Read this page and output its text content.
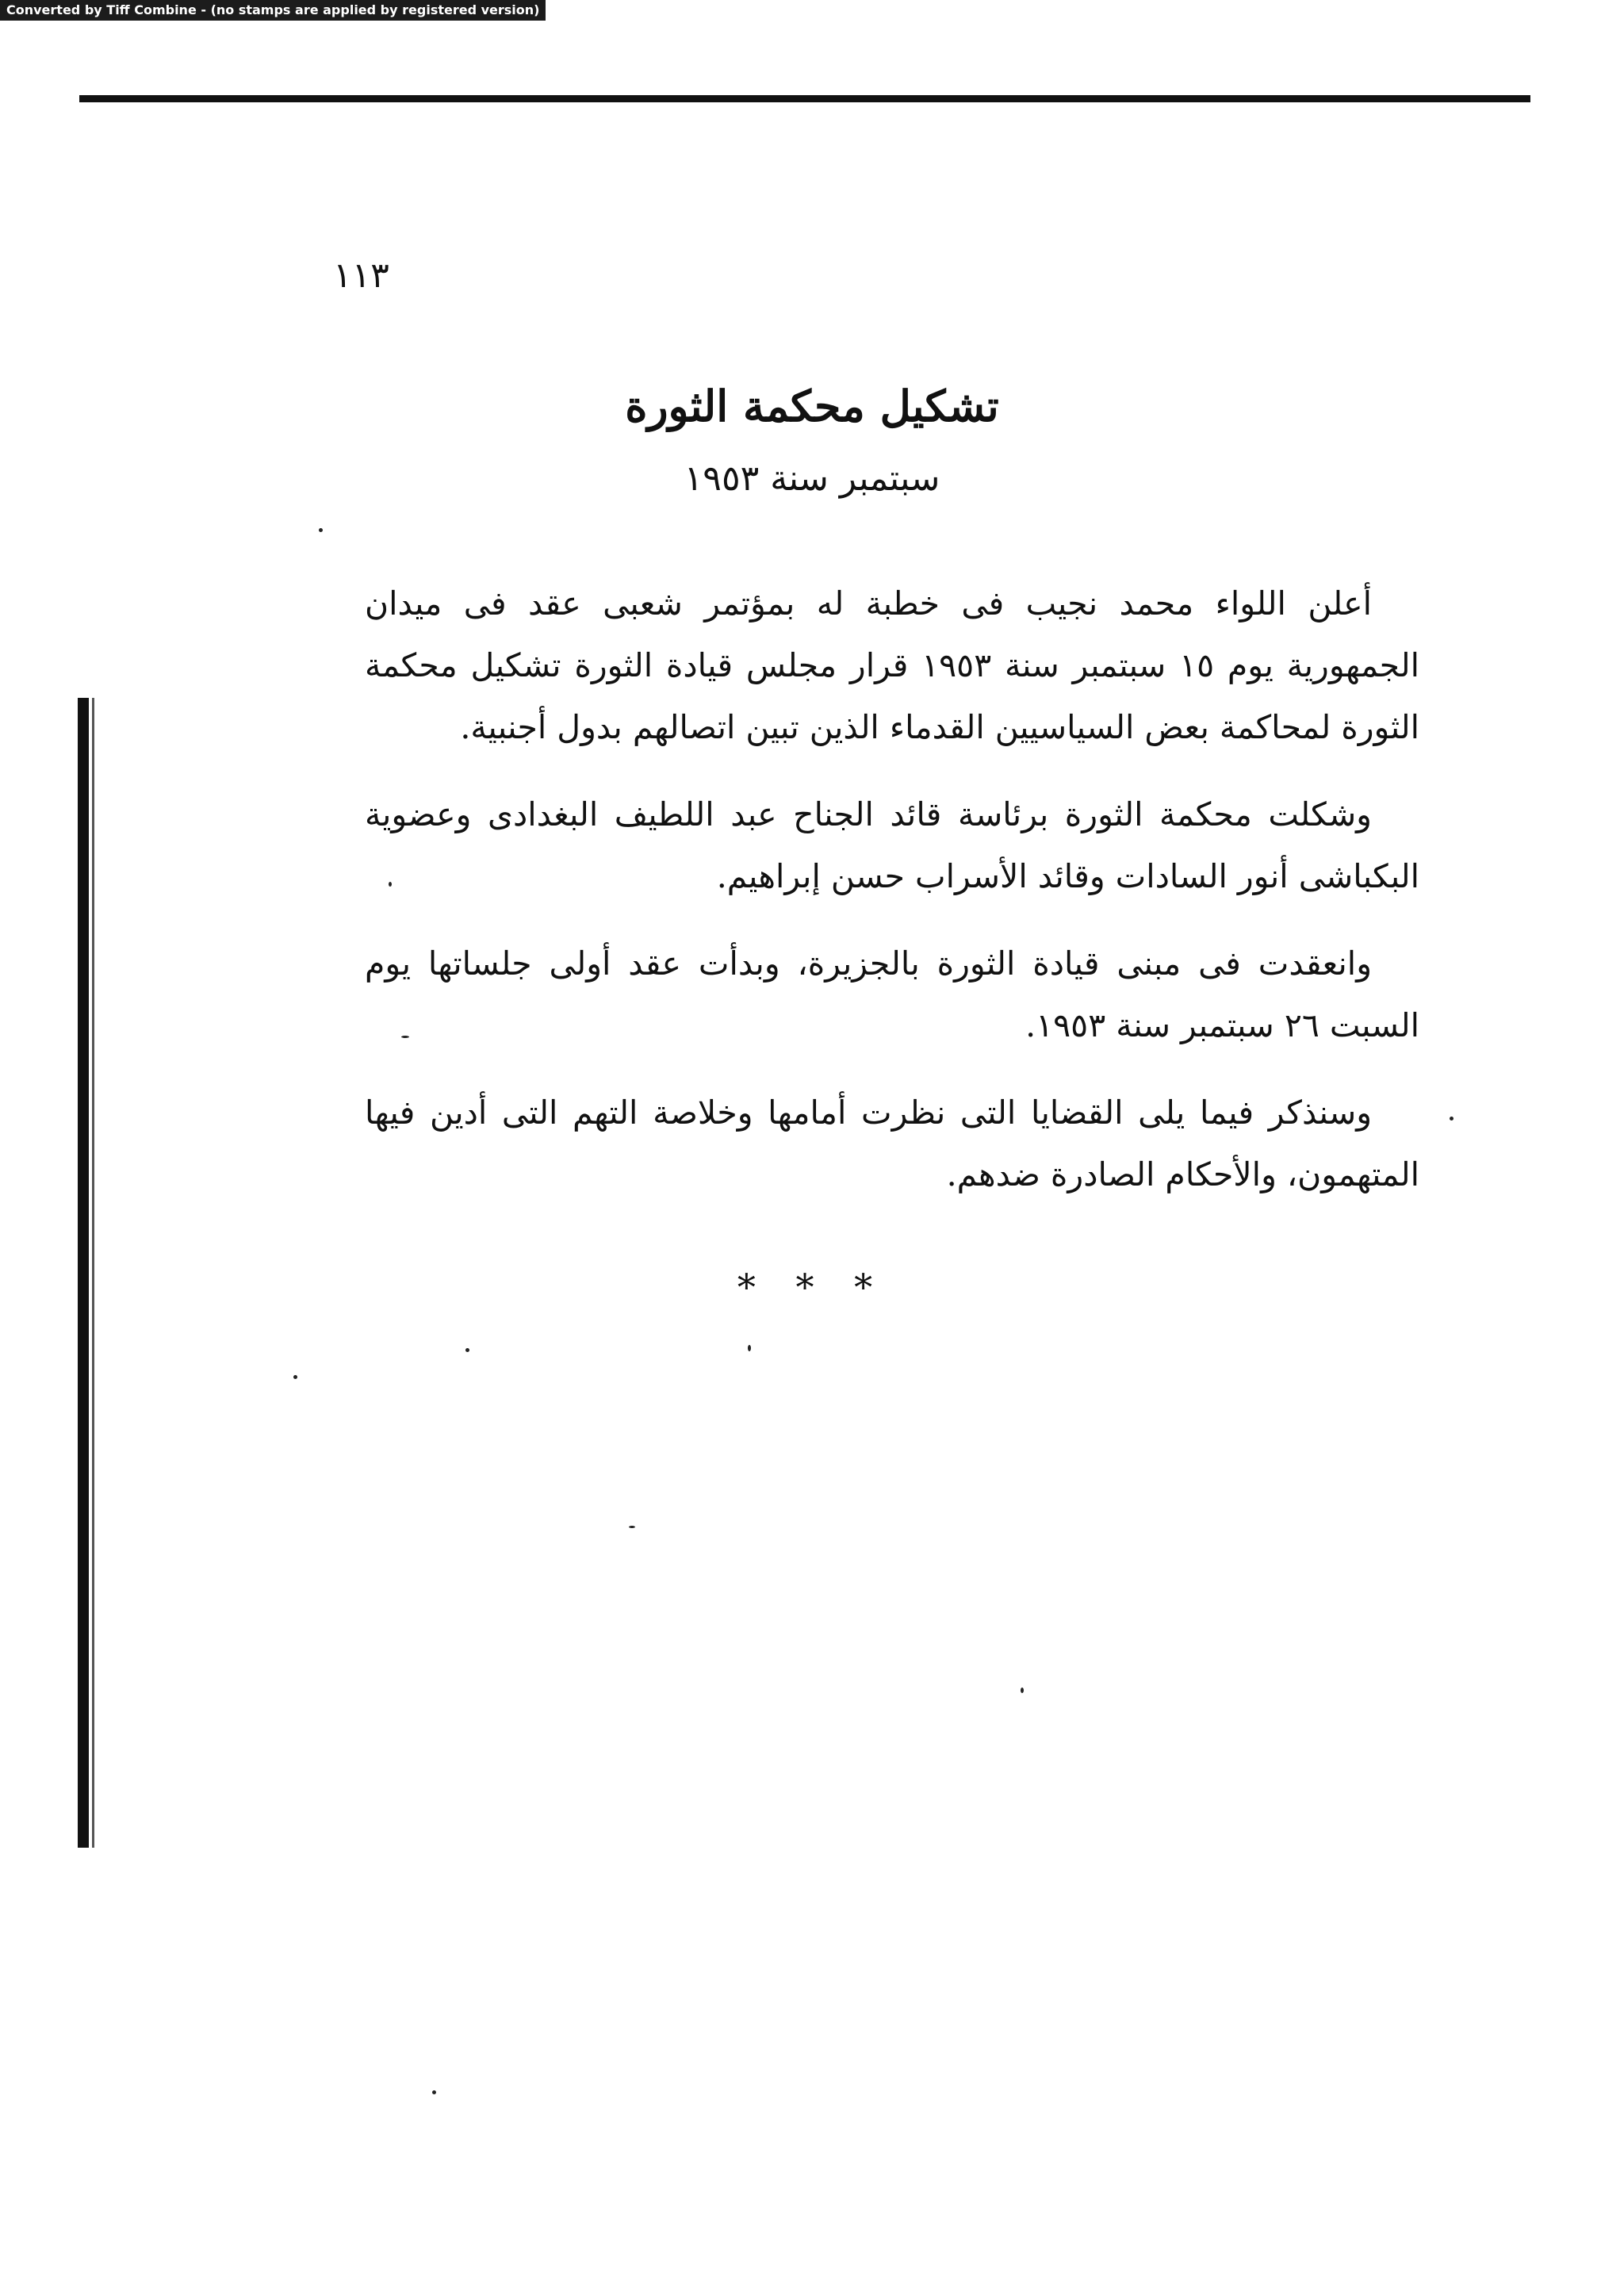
Converted by Tiff Combine - (no stamps are applied by registered version)
١١٣
تشكيل محكمة الثورة
سبتمبر سنة ١٩٥٣

أعلن اللواء محمد نجيب فى خطبة له بمؤتمر شعبى عقد فى ميدان الجمهورية يوم ١٥ سبتمبر سنة ١٩٥٣ قرار مجلس قيادة الثورة تشكيل محكمة الثورة لمحاكمة بعض السياسيين القدماء الذين تبين اتصالهم بدول أجنبية.

وشكلت محكمة الثورة برئاسة قائد الجناح عبد اللطيف البغدادى وعضوية البكباشى أنور السادات وقائد الأسراب حسن إبراهيم.

وانعقدت فى مبنى قيادة الثورة بالجزيرة، وبدأت عقد أولى جلساتها يوم السبت ٢٦ سبتمبر سنة ١٩٥٣.

وسنذكر فيما يلى القضايا التى نظرت أمامها وخلاصة التهم التى أدين فيها المتهمون، والأحكام الصادرة ضدهم.

* * *
